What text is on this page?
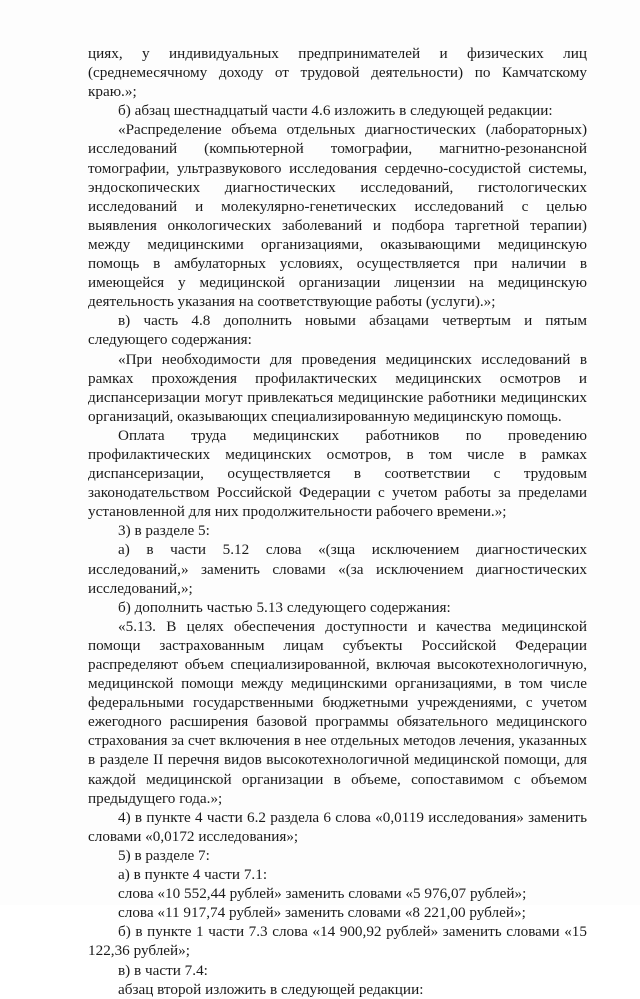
циях, у индивидуальных предпринимателей и физических лиц (среднемесячному доходу от трудовой деятельности) по Камчатскому краю.»;

б) абзац шестнадцатый части 4.6 изложить в следующей редакции:

«Распределение объема отдельных диагностических (лабораторных) исследований (компьютерной томографии, магнитно-резонансной томографии, ультразвукового исследования сердечно-сосудистой системы, эндоскопических диагностических исследований, гистологических исследований и молекулярно-генетических исследований с целью выявления онкологических заболеваний и подбора таргетной терапии) между медицинскими организациями, оказывающими медицинскую помощь в амбулаторных условиях, осуществляется при наличии в имеющейся у медицинской организации лицензии на медицинскую деятельность указания на соответствующие работы (услуги).»;

в) часть 4.8 дополнить новыми абзацами четвертым и пятым следующего содержания:

«При необходимости для проведения медицинских исследований в рамках прохождения профилактических медицинских осмотров и диспансеризации могут привлекаться медицинские работники медицинских организаций, оказывающих специализированную медицинскую помощь.

Оплата труда медицинских работников по проведению профилактических медицинских осмотров, в том числе в рамках диспансеризации, осуществляется в соответствии с трудовым законодательством Российской Федерации с учетом работы за пределами установленной для них продолжительности рабочего времени.»;

3) в разделе 5:

а) в части 5.12 слова «(зща исключением диагностических исследований,» заменить словами «(за исключением диагностических исследований,»;

б) дополнить частью 5.13 следующего содержания:

«5.13. В целях обеспечения доступности и качества медицинской помощи застрахованным лицам субъекты Российской Федерации распределяют объем специализированной, включая высокотехнологичную, медицинской помощи между медицинскими организациями, в том числе федеральными государственными бюджетными учреждениями, с учетом ежегодного расширения базовой программы обязательного медицинского страхования за счет включения в нее отдельных методов лечения, указанных в разделе II перечня видов высокотехнологичной медицинской помощи, для каждой медицинской организации в объеме, сопоставимом с объемом предыдущего года.»;

4) в пункте 4 части 6.2 раздела 6 слова «0,0119 исследования» заменить словами «0,0172 исследования»;

5) в разделе 7:

а) в пункте 4 части 7.1:

слова «10 552,44 рублей» заменить словами «5 976,07 рублей»;

слова «11 917,74 рублей» заменить словами «8 221,00 рублей»;

б) в пункте 1 части 7.3 слова «14 900,92 рублей» заменить словами «15 122,36 рублей»;

в) в части 7.4:

абзац второй изложить в следующей редакции:
